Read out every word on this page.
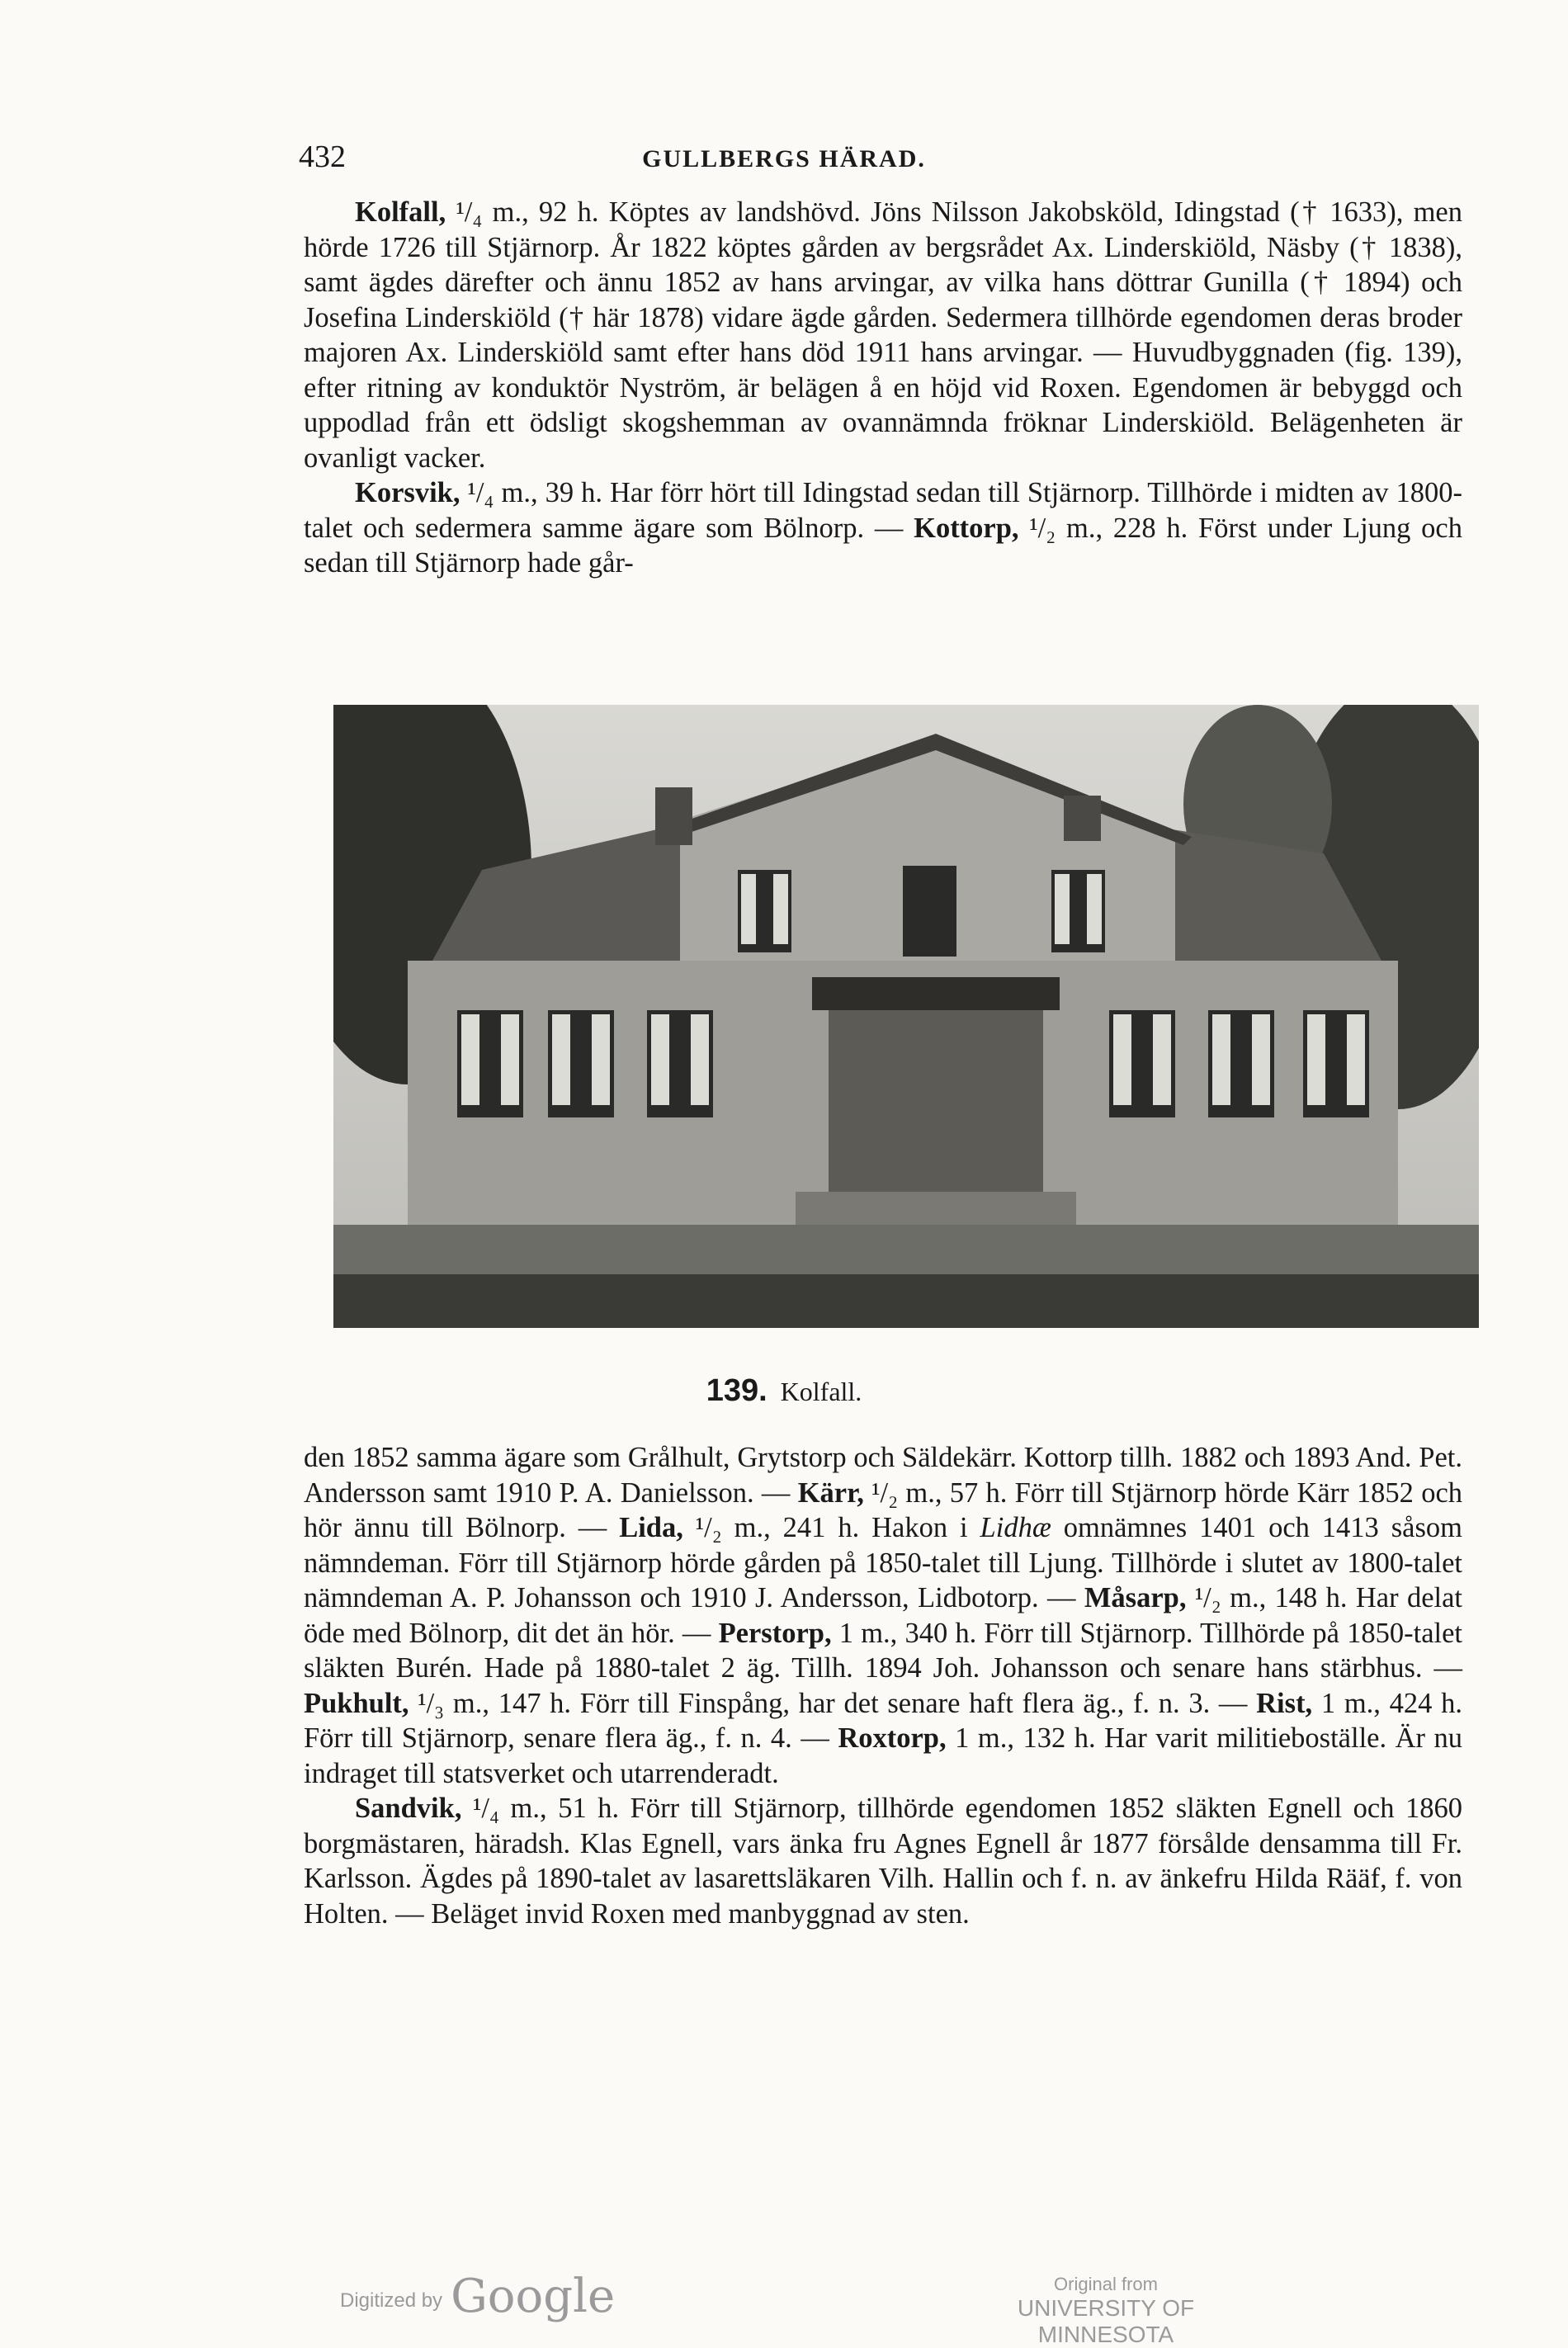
432	GULLBERGS HÄRAD.

Kolfall, ¹/₄ m., 92 h. Köptes av landshövd. Jöns Nilsson Jakobsköld, Idingstad († 1633), men hörde 1726 till Stjärnorp. År 1822 köptes gården av bergsrådet Ax. Linderskiöld, Näsby († 1838), samt ägdes därefter och ännu 1852 av hans arvingar, av vilka hans döttrar Gunilla († 1894) och Josefina Linderskiöld († här 1878) vidare ägde gården. Sedermera tillhörde egendomen deras broder majoren Ax. Linderskiöld samt efter hans död 1911 hans arvingar. — Huvudbyggnaden (fig. 139), efter ritning av konduktör Nyström, är belägen å en höjd vid Roxen. Egendomen är bebyggd och uppodlad från ett ödsligt skogshemman av ovannämnda fröknar Linderskiöld. Belägenheten är ovanligt vacker.

Korsvik, ¹/₄ m., 39 h. Har förr hört till Idingstad sedan till Stjärnorp. Tillhörde i midten av 1800-talet och sedermera samme ägare som Bölnorp. — Kottorp, ¹/₂ m., 228 h. Först under Ljung och sedan till Stjärnorp hade går-

139. Kolfall.

den 1852 samma ägare som Grålhult, Grytstorp och Säldekärr. Kottorp tillh. 1882 och 1893 And. Pet. Andersson samt 1910 P. A. Danielsson. — Kärr, ¹/₂ m., 57 h. Förr till Stjärnorp hörde Kärr 1852 och hör ännu till Bölnorp. — Lida, ¹/₂ m., 241 h. Hakon i Lidhæ omnämnes 1401 och 1413 såsom nämndeman. Förr till Stjärnorp hörde gården på 1850-talet till Ljung. Tillhörde i slutet av 1800-talet nämndeman A. P. Johansson och 1910 J. Andersson, Lidbotorp. — Måsarp, ¹/₂ m., 148 h. Har delat öde med Bölnorp, dit det än hör. — Perstorp, 1 m., 340 h. Förr till Stjärnorp. Tillhörde på 1850-talet släkten Burén. Hade på 1880-talet 2 äg. Tillh. 1894 Joh. Johansson och senare hans stärbhus. — Pukhult, ¹/₃ m., 147 h. Förr till Finspång, har det senare haft flera äg., f. n. 3. — Rist, 1 m., 424 h. Förr till Stjärnorp, senare flera äg., f. n. 4. — Roxtorp, 1 m., 132 h. Har varit militieboställe. Är nu indraget till statsverket och utarrenderadt.

Sandvik, ¹/₄ m., 51 h. Förr till Stjärnorp, tillhörde egendomen 1852 släkten Egnell och 1860 borgmästaren, häradsh. Klas Egnell, vars änka fru Agnes Egnell år 1877 försålde densamma till Fr. Karlsson. Ägdes på 1890-talet av lasarettsläkaren Vilh. Hallin och f. n. av änkefru Hilda Rääf, f. von Holten. — Beläget invid Roxen med manbyggnad av sten.

Digitized by Google	Original from
UNIVERSITY OF MINNESOTA
